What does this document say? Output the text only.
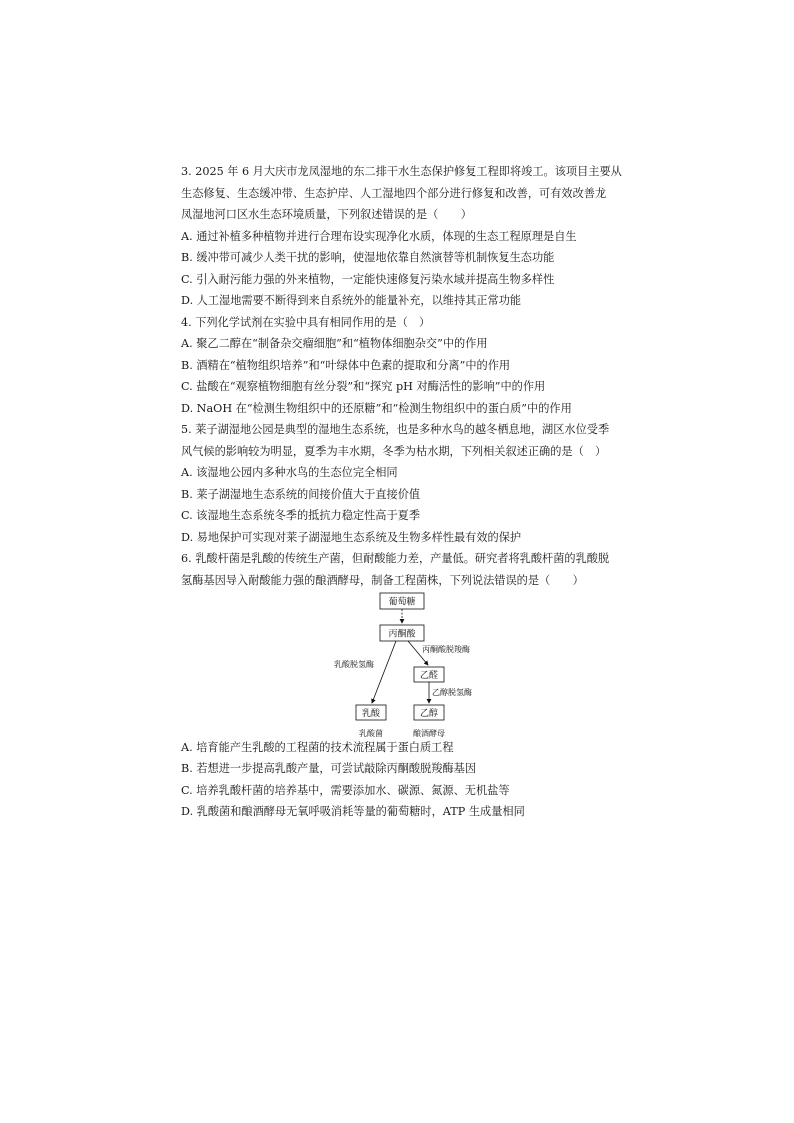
3. 2025 年 6 月大庆市龙凤湿地的东二排干水生态保护修复工程即将竣工。该项目主要从
生态修复、生态缓冲带、生态护岸、人工湿地四个部分进行修复和改善，可有效改善龙
凤湿地河口区水生态环境质量，下列叙述错误的是（　　）
A. 通过补植多种植物并进行合理布设实现净化水质，体现的生态工程原理是自生
B. 缓冲带可减少人类干扰的影响，使湿地依靠自然演替等机制恢复生态功能
C. 引入耐污能力强的外来植物，一定能快速修复污染水域并提高生物多样性
D. 人工湿地需要不断得到来自系统外的能量补充，以维持其正常功能
4. 下列化学试剂在实验中具有相同作用的是（　）
A. 聚乙二醇在“制备杂交瘤细胞”和“植物体细胞杂交”中的作用
B. 酒精在“植物组织培养”和“叶绿体中色素的提取和分离”中的作用
C. 盐酸在“观察植物细胞有丝分裂”和“探究 pH 对酶活性的影响”中的作用
D. NaOH 在“检测生物组织中的还原糖”和“检测生物组织中的蛋白质”中的作用
5. 莱子湖湿地公园是典型的湿地生态系统，也是多种水鸟的越冬栖息地，湖区水位受季
风气候的影响较为明显，夏季为丰水期，冬季为枯水期，下列相关叙述正确的是（　）
A. 该湿地公园内多种水鸟的生态位完全相同
B. 莱子湖湿地生态系统的间接价值大于直接价值
C. 该湿地生态系统冬季的抵抗力稳定性高于夏季
D. 易地保护可实现对莱子湖湿地生态系统及生物多样性最有效的保护
6. 乳酸杆菌是乳酸的传统生产菌，但耐酸能力差，产量低。研究者将乳酸杆菌的乳酸脱
氢酶基因导入耐酸能力强的酿酒酵母，制备工程菌株，下列说法错误的是（　　）
葡萄糖
丙酮酸
乳酸脱氢酶
丙酮酸脱羧酶
乙醛
乙醇脱氢酶
乳酸	乙醇
乳酸菌	酿酒酵母
A. 培育能产生乳酸的工程菌的技术流程属于蛋白质工程
B. 若想进一步提高乳酸产量，可尝试敲除丙酮酸脱羧酶基因
C. 培养乳酸杆菌的培养基中，需要添加水、碳源、氮源、无机盐等
D. 乳酸菌和酿酒酵母无氧呼吸消耗等量的葡萄糖时，ATP 生成量相同
